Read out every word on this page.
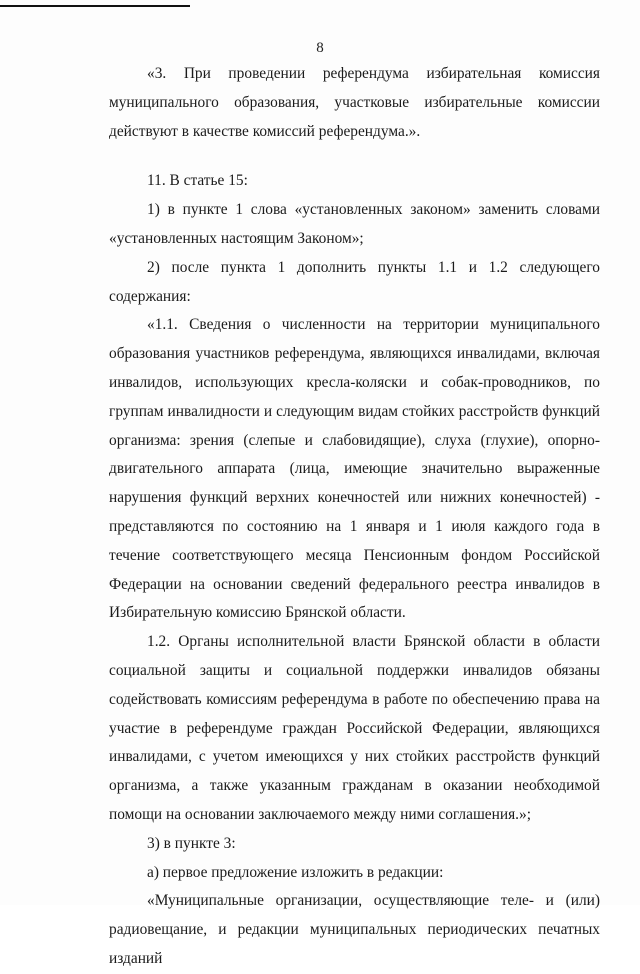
8

«3. При проведении референдума избирательная комиссия муниципального образования, участковые избирательные комиссии действуют в качестве комиссий референдума.».

11. В статье 15:

1) в пункте 1 слова «установленных законом» заменить словами «установленных настоящим Законом»;

2) после пункта 1 дополнить пункты 1.1 и 1.2 следующего содержания:

«1.1. Сведения о численности на территории муниципального образования участников референдума, являющихся инвалидами, включая инвалидов, использующих кресла-коляски и собак-проводников, по группам инвалидности и следующим видам стойких расстройств функций организма: зрения (слепые и слабовидящие), слуха (глухие), опорно-двигательного аппарата (лица, имеющие значительно выраженные нарушения функций верхних конечностей или нижних конечностей) - представляются по состоянию на 1 января и 1 июля каждого года в течение соответствующего месяца Пенсионным фондом Российской Федерации на основании сведений федерального реестра инвалидов в Избирательную комиссию Брянской области.

1.2. Органы исполнительной власти Брянской области в области социальной защиты и социальной поддержки инвалидов обязаны содействовать комиссиям референдума в работе по обеспечению права на участие в референдуме граждан Российской Федерации, являющихся инвалидами, с учетом имеющихся у них стойких расстройств функций организма, а также указанным гражданам в оказании необходимой помощи на основании заключаемого между ними соглашения.»;

3) в пункте 3:

а) первое предложение изложить в редакции:

«Муниципальные организации, осуществляющие теле- и (или) радиовещание, и редакции муниципальных периодических печатных изданий
